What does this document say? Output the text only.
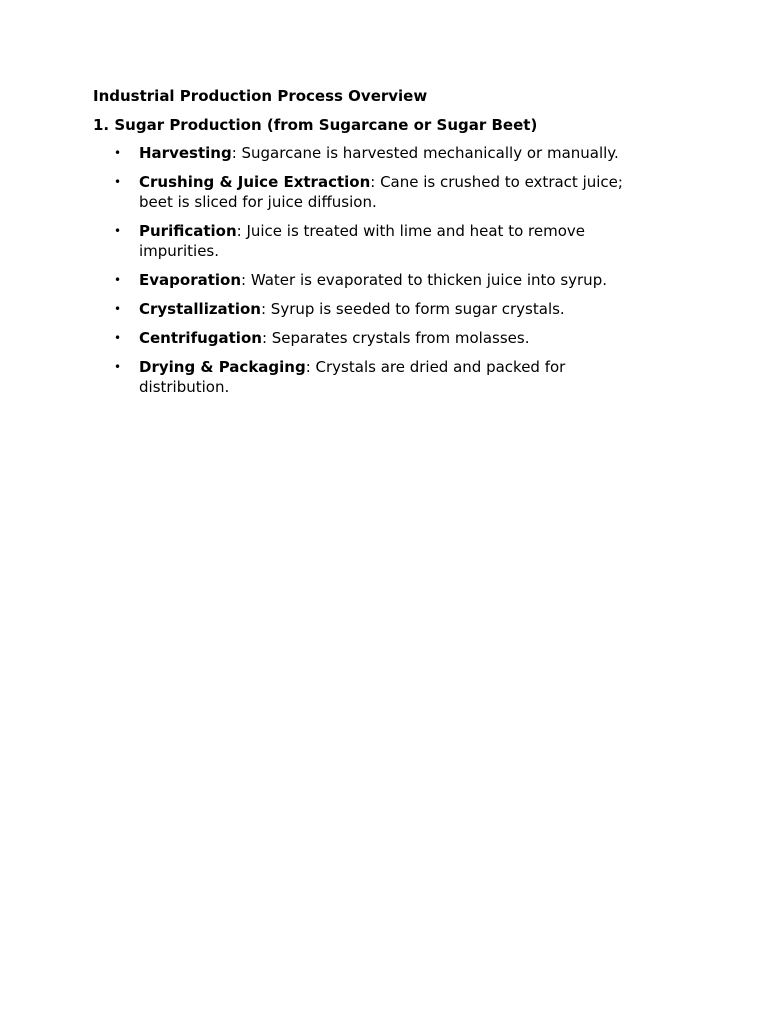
Industrial Production Process Overview

1. Sugar Production (from Sugarcane or Sugar Beet)

• Harvesting: Sugarcane is harvested mechanically or manually.
• Crushing & Juice Extraction: Cane is crushed to extract juice; beet is sliced for juice diffusion.
• Purification: Juice is treated with lime and heat to remove impurities.
• Evaporation: Water is evaporated to thicken juice into syrup.
• Crystallization: Syrup is seeded to form sugar crystals.
• Centrifugation: Separates crystals from molasses.
• Drying & Packaging: Crystals are dried and packed for distribution.
